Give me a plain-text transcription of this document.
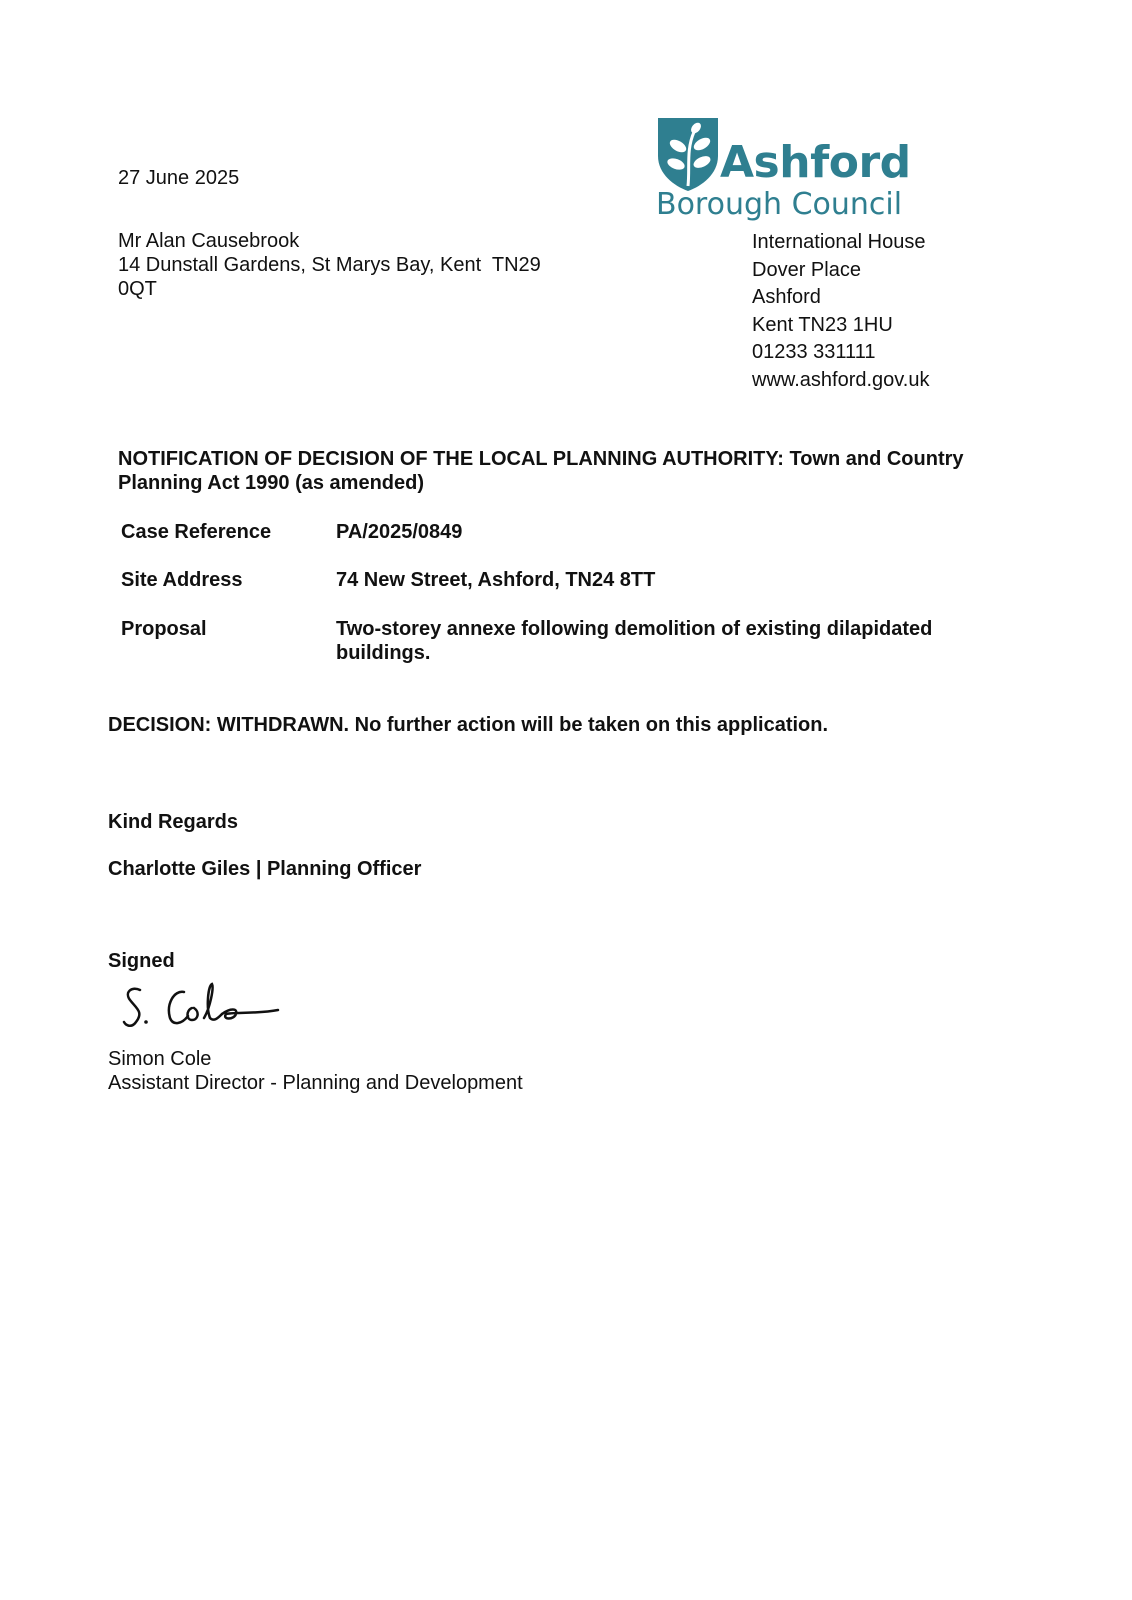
Ashford
Borough Council
27 June 2025
Mr Alan Causebrook
14 Dunstall Gardens, St Marys Bay, Kent  TN29
0QT
International House
Dover Place
Ashford
Kent TN23 1HU
01233 331111
www.ashford.gov.uk
NOTIFICATION OF DECISION OF THE LOCAL PLANNING AUTHORITY: Town and Country Planning Act 1990 (as amended)
Case Reference	PA/2025/0849
Site Address	74 New Street, Ashford, TN24 8TT
Proposal	Two-storey annexe following demolition of existing dilapidated buildings.
DECISION: WITHDRAWN. No further action will be taken on this application.
Kind Regards
Charlotte Giles | Planning Officer
Signed
Simon Cole
Assistant Director - Planning and Development
